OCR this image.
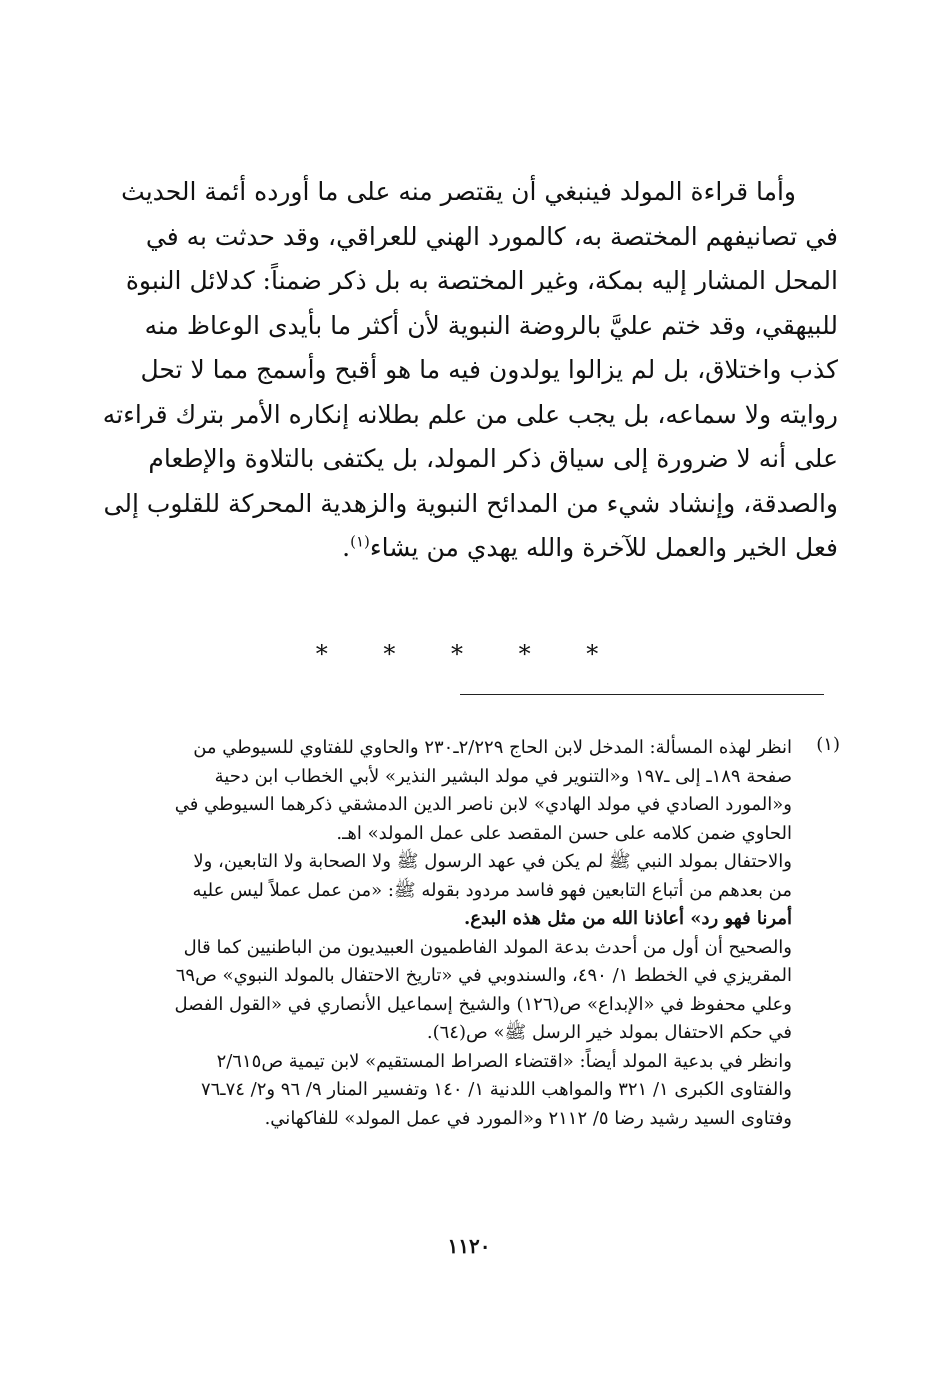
وأما قراءة المولد فينبغي أن يقتصر منه على ما أورده أئمة الحديث
في تصانيفهم المختصة به، كالمورد الهني للعراقي، وقد حدثت به في
المحل المشار إليه بمكة، وغير المختصة به بل ذكر ضمناً: كدلائل النبوة
للبيهقي، وقد ختم عليَّ بالروضة النبوية لأن أكثر ما بأيدى الوعاظ منه
كذب واختلاق، بل لم يزالوا يولدون فيه ما هو أقبح وأسمج مما لا تحل
روايته ولا سماعه، بل يجب على من علم بطلانه إنكاره الأمر بترك قراءته
على أنه لا ضرورة إلى سياق ذكر المولد، بل يكتفى بالتلاوة والإطعام
والصدقة، وإنشاد شيء من المدائح النبوية والزهدية المحركة للقلوب إلى
فعل الخير والعمل للآخرة والله يهدي من يشاء$^{(١)}$.
* * * * *
(١)
انظر لهذه المسألة: المدخل لابن الحاج ٢/٢٢٩ـ٢٣٠ والحاوي للفتاوي للسيوطي من
صفحة ١٨٩ـ إلى ـ١٩٧ و«التنوير في مولد البشير النذير» لأبي الخطاب ابن دحية
و«المورد الصادي في مولد الهادي» لابن ناصر الدين الدمشقي ذكرهما السيوطي في
الحاوي ضمن كلامه على حسن المقصد على عمل المولد» اهـ.
والاحتفال بمولد النبي ﷺ لم يكن في عهد الرسول ﷺ ولا الصحابة ولا التابعين، ولا
من بعدهم من أتباع التابعين فهو فاسد مردود بقوله ﷺ: «من عمل عملاً ليس عليه
أمرنا فهو رد» أعاذنا الله من مثل هذه البدع.
والصحيح أن أول من أحدث بدعة المولد الفاطميون العبيديون من الباطنيين كما قال
المقريزي في الخطط ١/ ٤٩٠، والسندوبي في «تاريخ الاحتفال بالمولد النبوي» ص٦٩
وعلي محفوظ في «الإبداع» ص(١٢٦) والشيخ إسماعيل الأنصاري في «القول الفصل
في حكم الاحتفال بمولد خير الرسل ﷺ» ص(٦٤).
وانظر في بدعية المولد أيضاً: «اقتضاء الصراط المستقيم» لابن تيمية ص٢/٦١٥
والفتاوى الكبرى ١/ ٣٢١ والمواهب اللدنية ١/ ١٤٠ وتفسير المنار ٩/ ٩٦ و٢/ ٧٤ـ٧٦
وفتاوى السيد رشيد رضا ٥/ ٢١١٢ و«المورد في عمل المولد» للفاكهاني.
١١٢٠
